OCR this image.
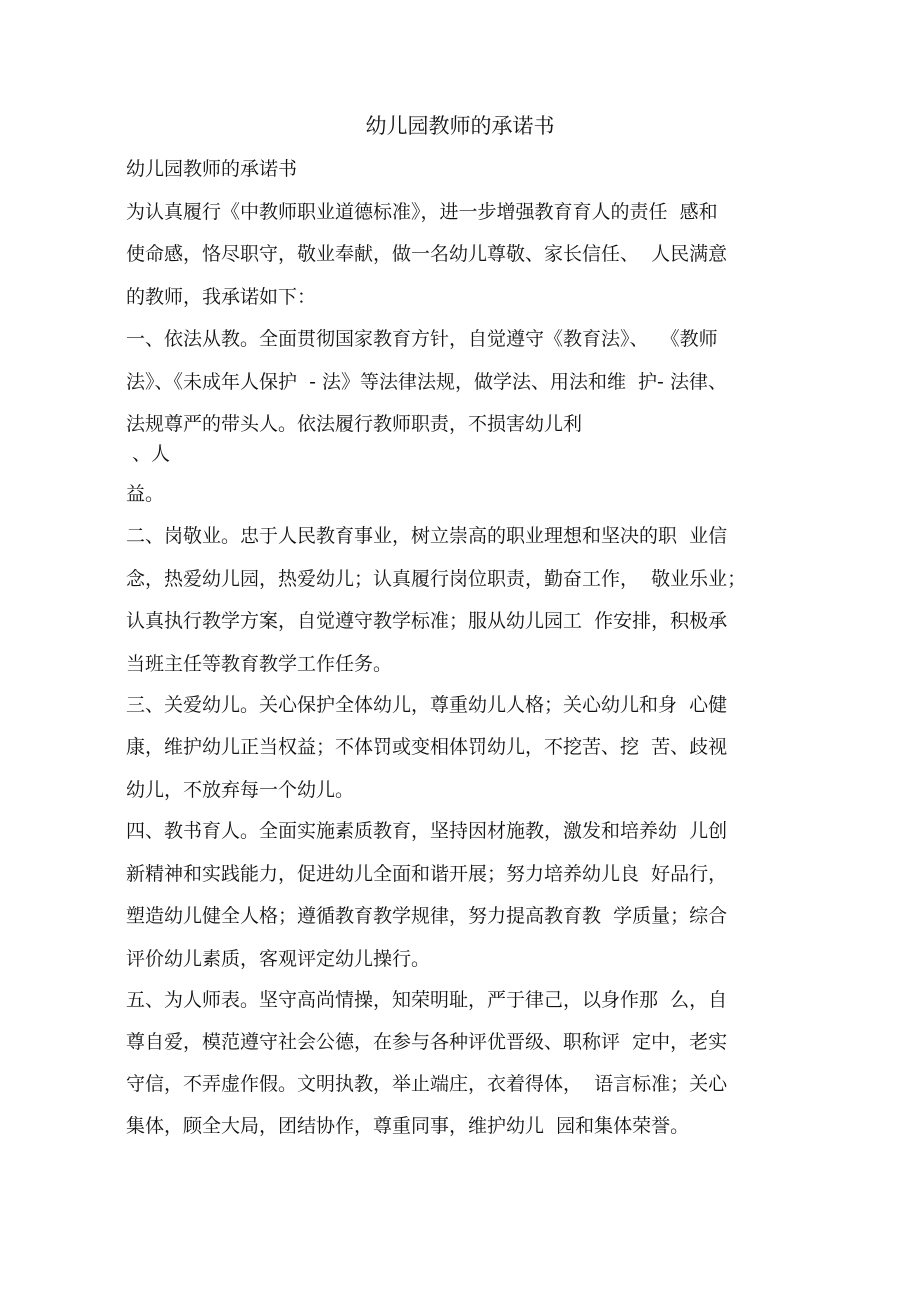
幼儿园教师的承诺书
幼儿园教师的承诺书
为认真履行《中教师职业道德标准》，进一步增强教育育人的责任  感和
使命感，恪尽职守，敬业奉献，做一名幼儿尊敬、家长信任、  人民满意
的教师，我承诺如下：
一、依法从教。全面贯彻国家教育方针，自觉遵守《教育法》、  《教师
法》、《未成年人保护  - 法》等法律法规，做学法、用法和维  护- 法律、
法规尊严的带头人。依法履行教师职责，不损害幼儿利
、人
益。
二、岗敬业。忠于人民教育事业，树立崇高的职业理想和坚决的职  业信
念，热爱幼儿园，热爱幼儿；认真履行岗位职责，勤奋工作，  敬业乐业；
认真执行教学方案，自觉遵守教学标准；服从幼儿园工  作安排，积极承
当班主任等教育教学工作任务。
三、关爱幼儿。关心保护全体幼儿，尊重幼儿人格；关心幼儿和身  心健
康，维护幼儿正当权益；不体罚或变相体罚幼儿，不挖苦、挖  苦、歧视
幼儿，不放弃每一个幼儿。
四、教书育人。全面实施素质教育，坚持因材施教，激发和培养幼  儿创
新精神和实践能力，促进幼儿全面和谐开展；努力培养幼儿良  好品行，
塑造幼儿健全人格；遵循教育教学规律，努力提高教育教  学质量；综合
评价幼儿素质，客观评定幼儿操行。
五、为人师表。坚守高尚情操，知荣明耻，严于律己，以身作那  么，自
尊自爱，模范遵守社会公德，在参与各种评优晋级、职称评  定中，老实
守信，不弄虚作假。文明执教，举止端庄，衣着得体，  语言标准；关心
集体，顾全大局，团结协作，尊重同事，维护幼儿  园和集体荣誉。
